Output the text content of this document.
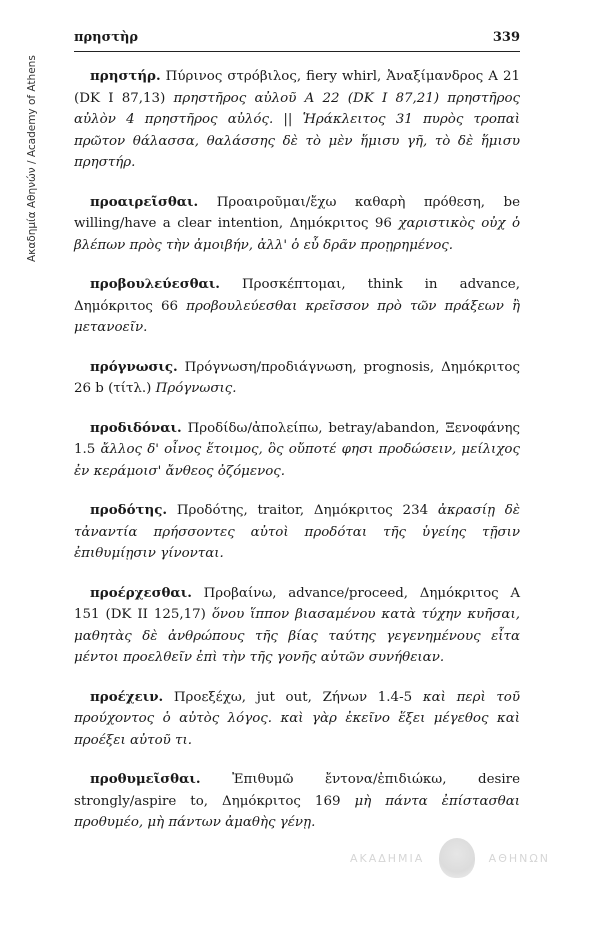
πρηστὴρ	339
Ακαδημία Αθηνών / Academy of Athens	πρηστήρ. Πύρινος στρόβιλος, fiery whirl, Ἀναξίμανδρος Α 21 (DK I 87,13) πρηστῆρος αὐλοῦ Α 22 (DK I 87,21) πρηστῆρος αὐλὸν 4 πρηστῆρος αὐλός. || Ἡράκλειτος 31 πυρὸς τροπαὶ πρῶτον θάλασσα, θαλάσσης δὲ τὸ μὲν ἥμισυ γῆ, τὸ δὲ ἥμισυ πρηστήρ.

προαιρεῖσθαι. Προαιροῦμαι/ἔχω καθαρὴ πρόθεση, be willing/have a clear intention, Δημόκριτος 96 χαριστικὸς οὐχ ὁ βλέπων πρὸς τὴν ἀμοιβήν, ἀλλ' ὁ εὖ δρᾶν προῃρημένος.

προβουλεύεσθαι. Προσκέπτομαι, think in advance, Δημόκριτος 66 προβουλεύεσθαι κρεῖσσον πρὸ τῶν πράξεων ἢ μετανοεῖν.

πρόγνωσις. Πρόγνωση/προδιάγνωση, prognosis, Δημόκριτος 26 b (τίτλ.) Πρόγνωσις.

προδιδόναι. Προδίδω/ἀπολείπω, betray/abandon, Ξενοφάνης 1.5 ἄλλος δ' οἶνος ἕτοιμος, ὃς οὔποτέ φησι προδώσειν, μείλιχος ἐν κεράμοισ' ἄνθεος ὀζόμενος.

προδότης. Προδότης, traitor, Δημόκριτος 234 ἀκρασίῃ δὲ τἀναντία πρήσσοντες αὐτοὶ προδόται τῆς ὑγείης τῇσιν ἐπιθυμίῃσιν γίνονται.

προέρχεσθαι. Προβαίνω, advance/proceed, Δημόκριτος Α 151 (DK II 125,17) ὅνου ἵππον βιασαμένου κατὰ τύχην κυῆσαι, μαθητὰς δὲ ἀνθρώπους τῆς βίας ταύτης γεγενημένους εἶτα μέντοι προελθεῖν ἐπὶ τὴν τῆς γονῆς αὐτῶν συνήθειαν.

προέχειν. Προεξέχω, jut out, Ζήνων 1.4-5 καὶ περὶ τοῦ προύχοντος ὁ αὐτὸς λόγος. καὶ γὰρ ἐκεῖνο ἕξει μέγεθος καὶ προέξει αὐτοῦ τι.

προθυμεῖσθαι. Ἐπιθυμῶ ἔντονα/ἐπιδιώκω, desire strongly/aspire to, Δημόκριτος 169 μὴ πάντα ἐπίστασθαι προθυμέο, μὴ πάντων ἀμαθὴς γένῃ.

ΑΚΑΔΗΜΙΑ	ΑΘΗΝΩΝ
